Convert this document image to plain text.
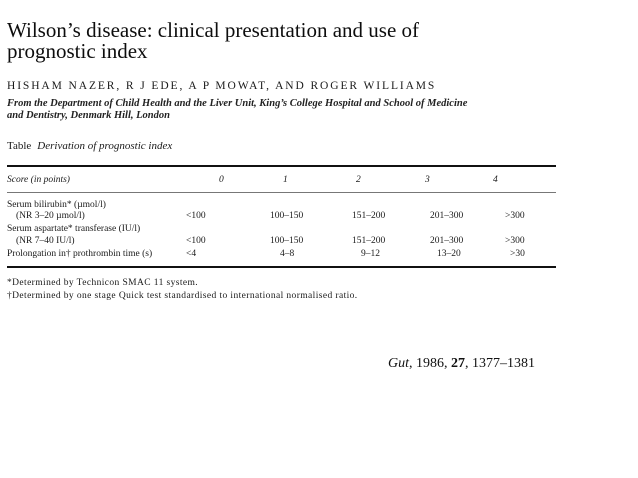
Wilson’s disease: clinical presentation and use of
prognostic index
HISHAM NAZER, R J EDE, A P MOWAT, AND ROGER WILLIAMS
From the Department of Child Health and the Liver Unit, King’s College Hospital and School of Medicine
and Dentistry, Denmark Hill, London
Table Derivation of prognostic index
Score (in points)	0	1	2	3	4
Serum bilirubin* (µmol/l)
(NR 3–20 µmol/l)	<100	100–150	151–200	201–300	>300
Serum aspartate* transferase (IU/l)
(NR 7–40 IU/l)	<100	100–150	151–200	201–300	>300
Prolongation in† prothrombin time (s)	<4	4–8	9–12	13–20	>30
*Determined by Technicon SMAC 11 system.
†Determined by one stage Quick test standardised to international normalised ratio.
Gut, 1986, 27, 1377–1381
